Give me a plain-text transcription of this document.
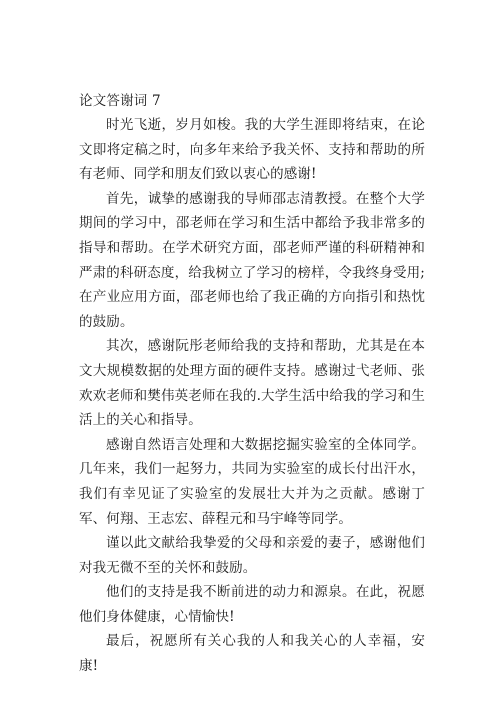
论文答谢词 7

时光飞逝，岁月如梭。我的大学生涯即将结束，在论文即将定稿之时，向多年来给予我关怀、支持和帮助的所有老师、同学和朋友们致以衷心的感谢!

首先，诚挚的感谢我的导师邵志清教授。在整个大学期间的学习中，邵老师在学习和生活中都给予我非常多的指导和帮助。在学术研究方面，邵老师严谨的科研精神和严肃的科研态度，给我树立了学习的榜样，令我终身受用;在产业应用方面，邵老师也给了我正确的方向指引和热忱的鼓励。

其次，感谢阮彤老师给我的支持和帮助，尤其是在本文大规模数据的处理方面的硬件支持。感谢过弋老师、张欢欢老师和樊伟英老师在我的.大学生活中给我的学习和生活上的关心和指导。

感谢自然语言处理和大数据挖掘实验室的全体同学。几年来，我们一起努力，共同为实验室的成长付出汗水，我们有幸见证了实验室的发展壮大并为之贡献。感谢丁军、何翔、王志宏、薛程元和马宇峰等同学。

谨以此文献给我挚爱的父母和亲爱的妻子，感谢他们对我无微不至的关怀和鼓励。

他们的支持是我不断前进的动力和源泉。在此，祝愿他们身体健康，心情愉快!

最后，祝愿所有关心我的人和我关心的人幸福，安康!
